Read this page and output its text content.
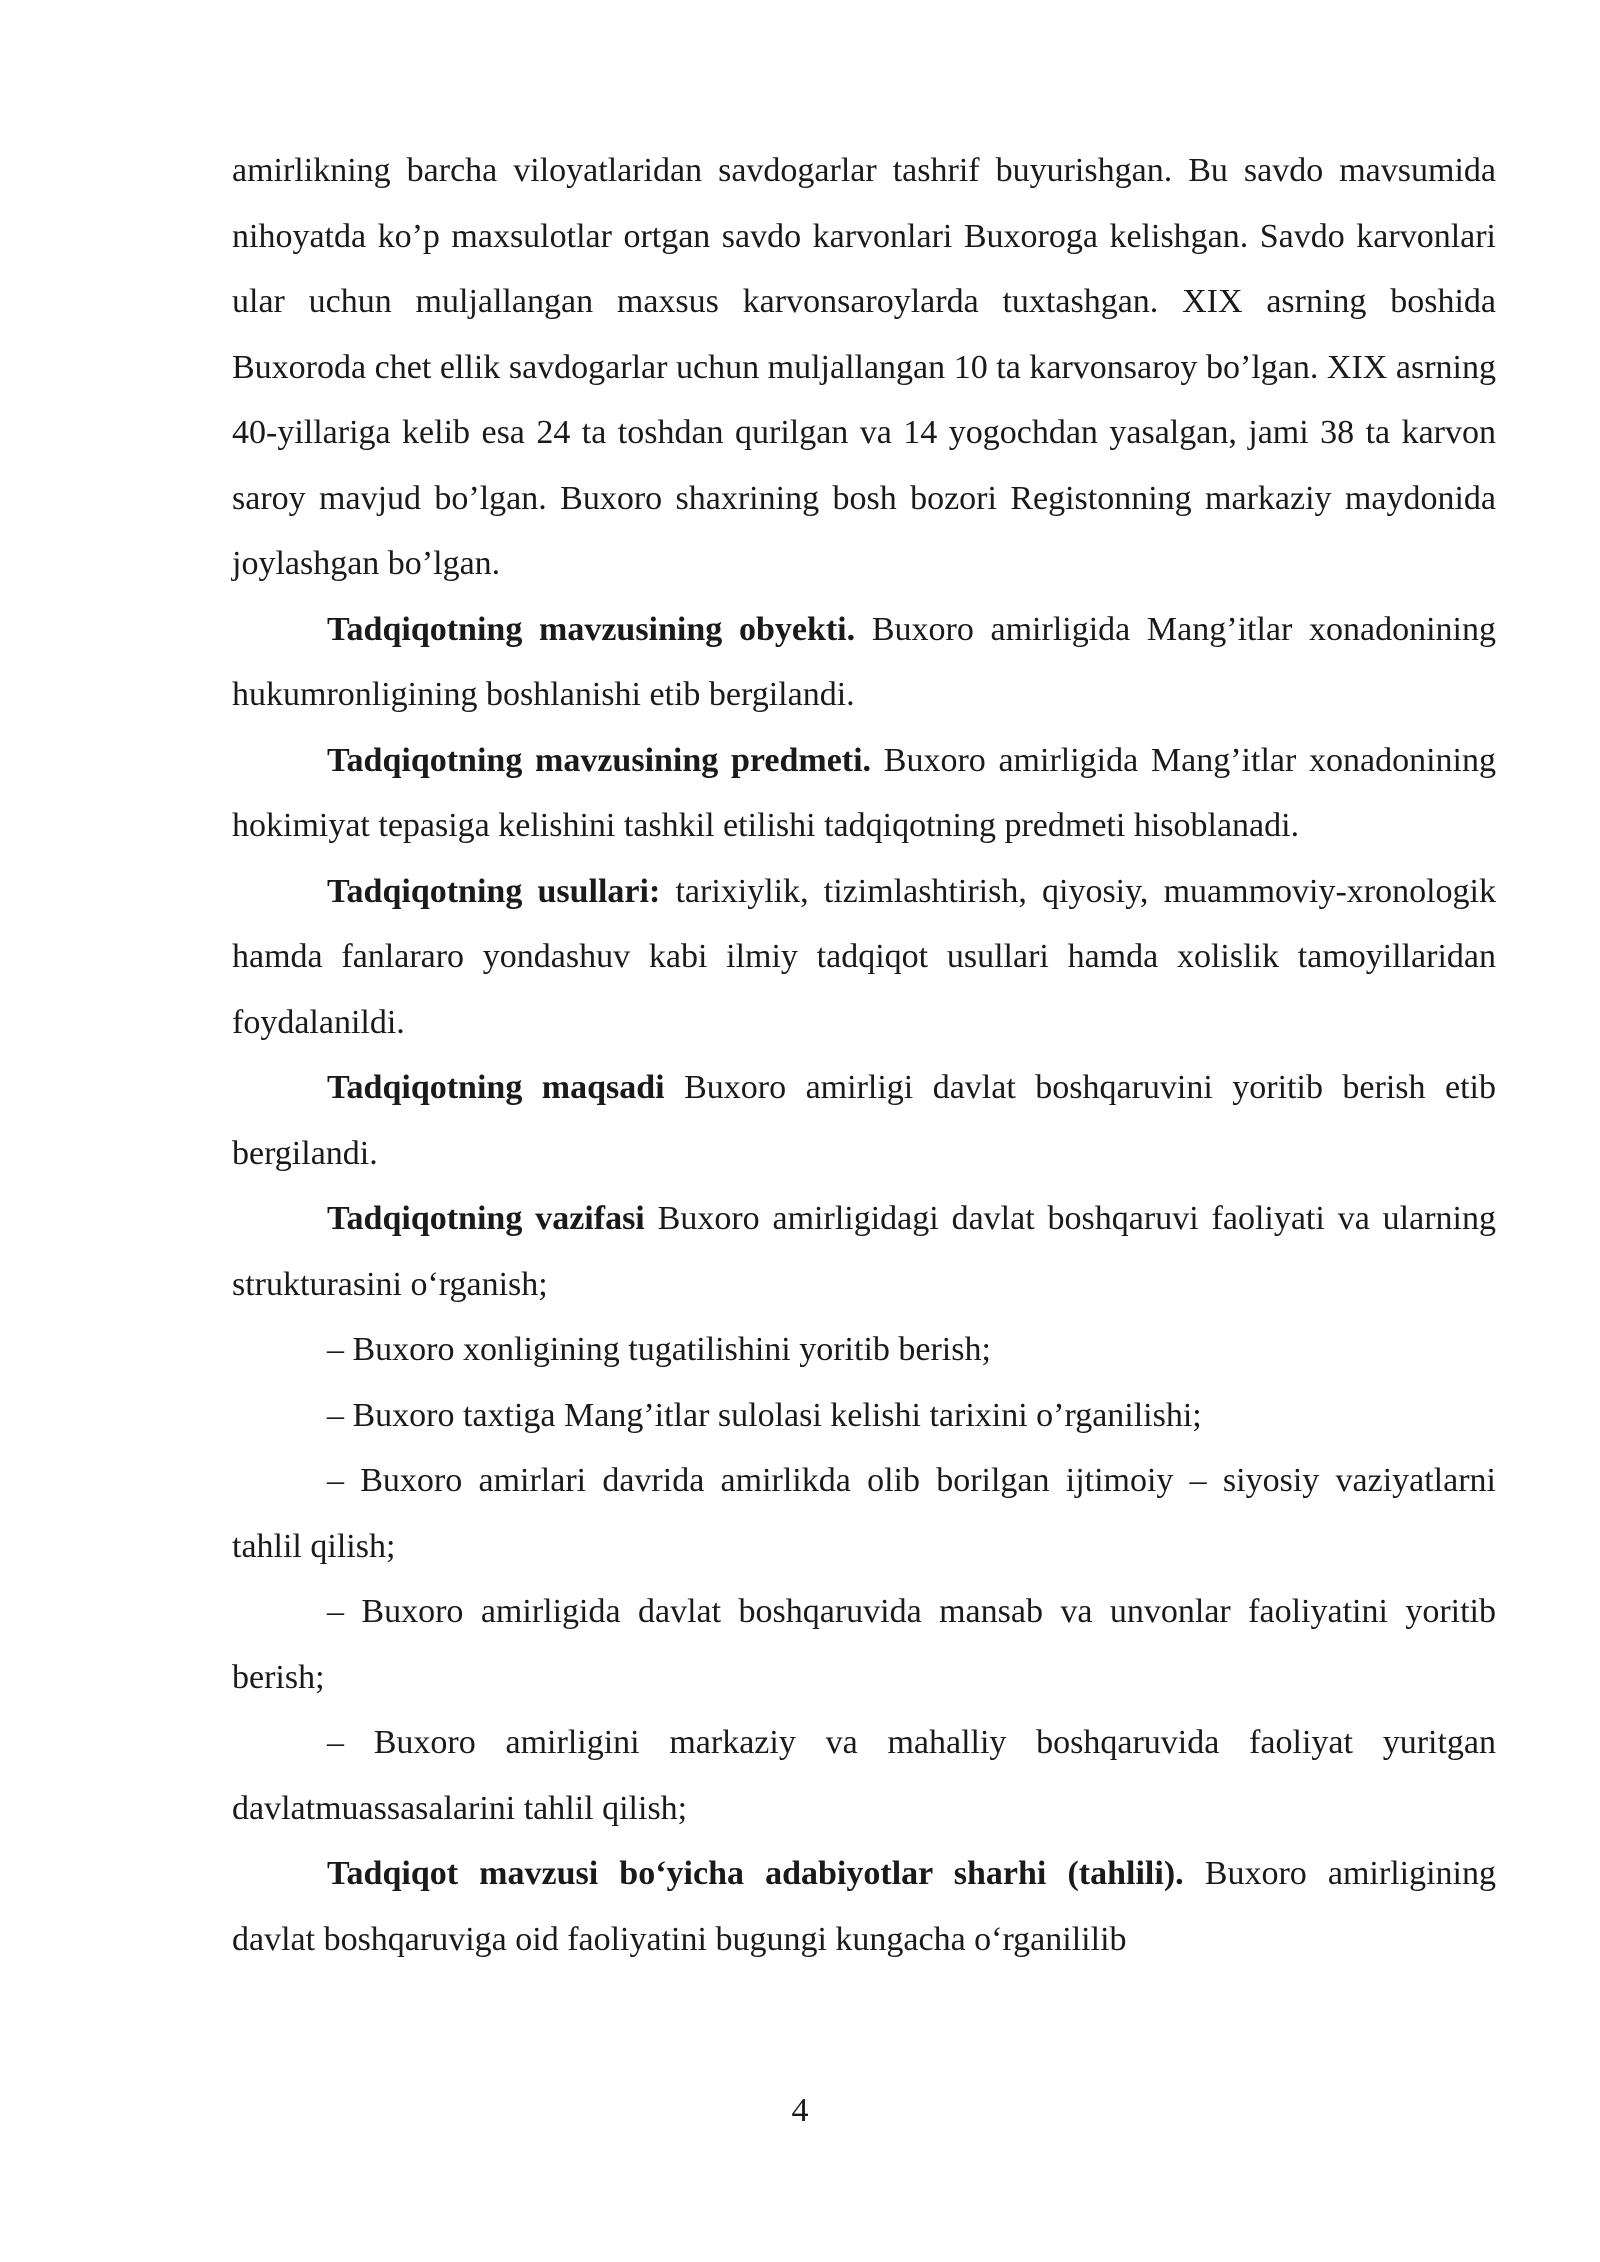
amirlikning barcha viloyatlaridan savdogarlar tashrif buyurishgan. Bu savdo mavsumida nihoyatda ko’p maxsulotlar ortgan savdo karvonlari Buxoroga kelishgan. Savdo karvonlari ular uchun muljallangan maxsus karvonsaroylarda tuxtashgan. XIX asrning boshida Buxoroda chet ellik savdogarlar uchun muljallangan 10 ta karvonsaroy bo’lgan. XIX asrning 40-yillariga kelib esa 24 ta toshdan qurilgan va 14 yogochdan yasalgan, jami 38 ta karvon saroy mavjud bo’lgan. Buxoro shaxrining bosh bozori Registonning markaziy maydonida joylashgan bo’lgan.

Tadqiqotning mavzusining obyekti. Buxoro amirligida Mang’itlar xonadonining hukumronligining boshlanishi etib bergilandi.

Tadqiqotning mavzusining predmeti. Buxoro amirligida Mang’itlar xonadonining hokimiyat tepasiga kelishini tashkil etilishi tadqiqotning predmeti hisoblanadi.

Tadqiqotning usullari: tarixiylik, tizimlashtirish, qiyosiy, muammoviy-xronologik hamda fanlararo yondashuv kabi ilmiy tadqiqot usullari hamda xolislik tamoyillaridan foydalanildi.

Tadqiqotning maqsadi Buxoro amirligi davlat boshqaruvini yoritib berish etib bergilandi.

Tadqiqotning vazifasi Buxoro amirligidagi davlat boshqaruvi faoliyati va ularning strukturasini o‘rganish;

– Buxoro xonligining tugatilishini yoritib berish;

– Buxoro taxtiga Mang’itlar sulolasi kelishi tarixini o’rganilishi;

– Buxoro amirlari davrida amirlikda olib borilgan ijtimoiy – siyosiy vaziyatlarni tahlil qilish;

– Buxoro amirligida davlat boshqaruvida mansab va unvonlar faoliyatini yoritib berish;

– Buxoro amirligini markaziy va mahalliy boshqaruvida faoliyat yuritgan davlatmuassasalarini tahlil qilish;

Tadqiqot mavzusi bo‘yicha adabiyotlar sharhi (tahlili). Buxoro amirligining davlat boshqaruviga oid faoliyatini bugungi kungacha o‘rganililib

4
